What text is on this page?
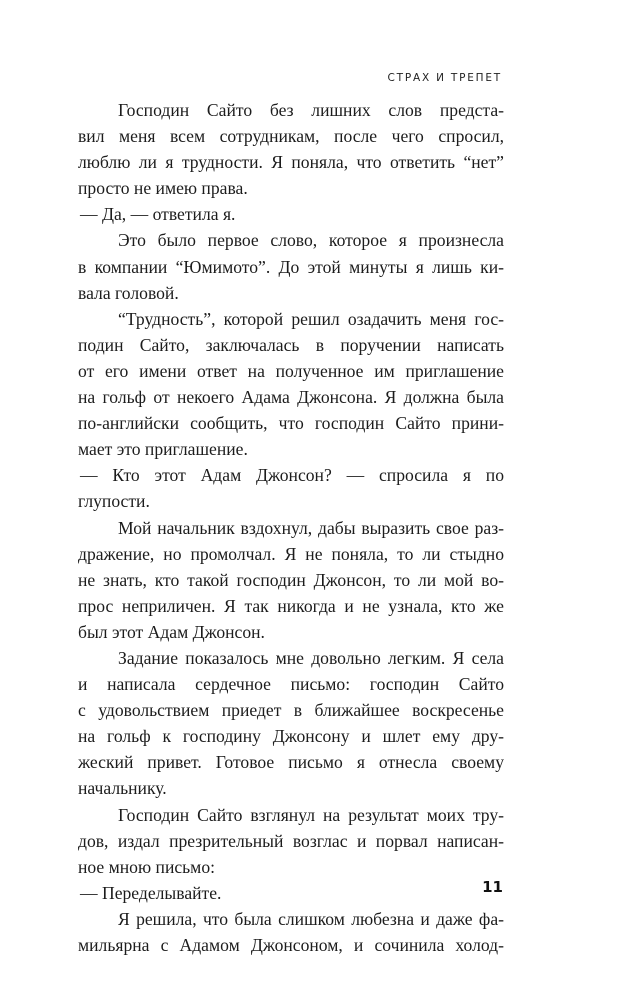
СТРАХ И ТРЕПЕТ
Господин Сайто без лишних слов предста-
вил меня всем сотрудникам, после чего спросил,
люблю ли я трудности. Я поняла, что ответить “нет”
просто не имею права.
— Да, — ответила я.
Это было первое слово, которое я произнесла
в компании “Юмимото”. До этой минуты я лишь ки-
вала головой.
“Трудность”, которой решил озадачить меня гос-
подин Сайто, заключалась в поручении написать
от его имени ответ на полученное им приглашение
на гольф от некоего Адама Джонсона. Я должна была
по-английски сообщить, что господин Сайто прини-
мает это приглашение.
— Кто этот Адам Джонсон? — спросила я по
глупости.
Мой начальник вздохнул, дабы выразить свое раз-
дражение, но промолчал. Я не поняла, то ли стыдно
не знать, кто такой господин Джонсон, то ли мой во-
прос неприличен. Я так никогда и не узнала, кто же
был этот Адам Джонсон.
Задание показалось мне довольно легким. Я села
и написала сердечное письмо: господин Сайто
с удовольствием приедет в ближайшее воскресенье
на гольф к господину Джонсону и шлет ему дру-
жеский привет. Готовое письмо я отнесла своему
начальнику.
Господин Сайто взглянул на результат моих тру-
дов, издал презрительный возглас и порвал написан-
ное мною письмо:
— Переделывайте.
Я решила, что была слишком любезна и даже фа-
мильярна с Адамом Джонсоном, и сочинила холод-
11
